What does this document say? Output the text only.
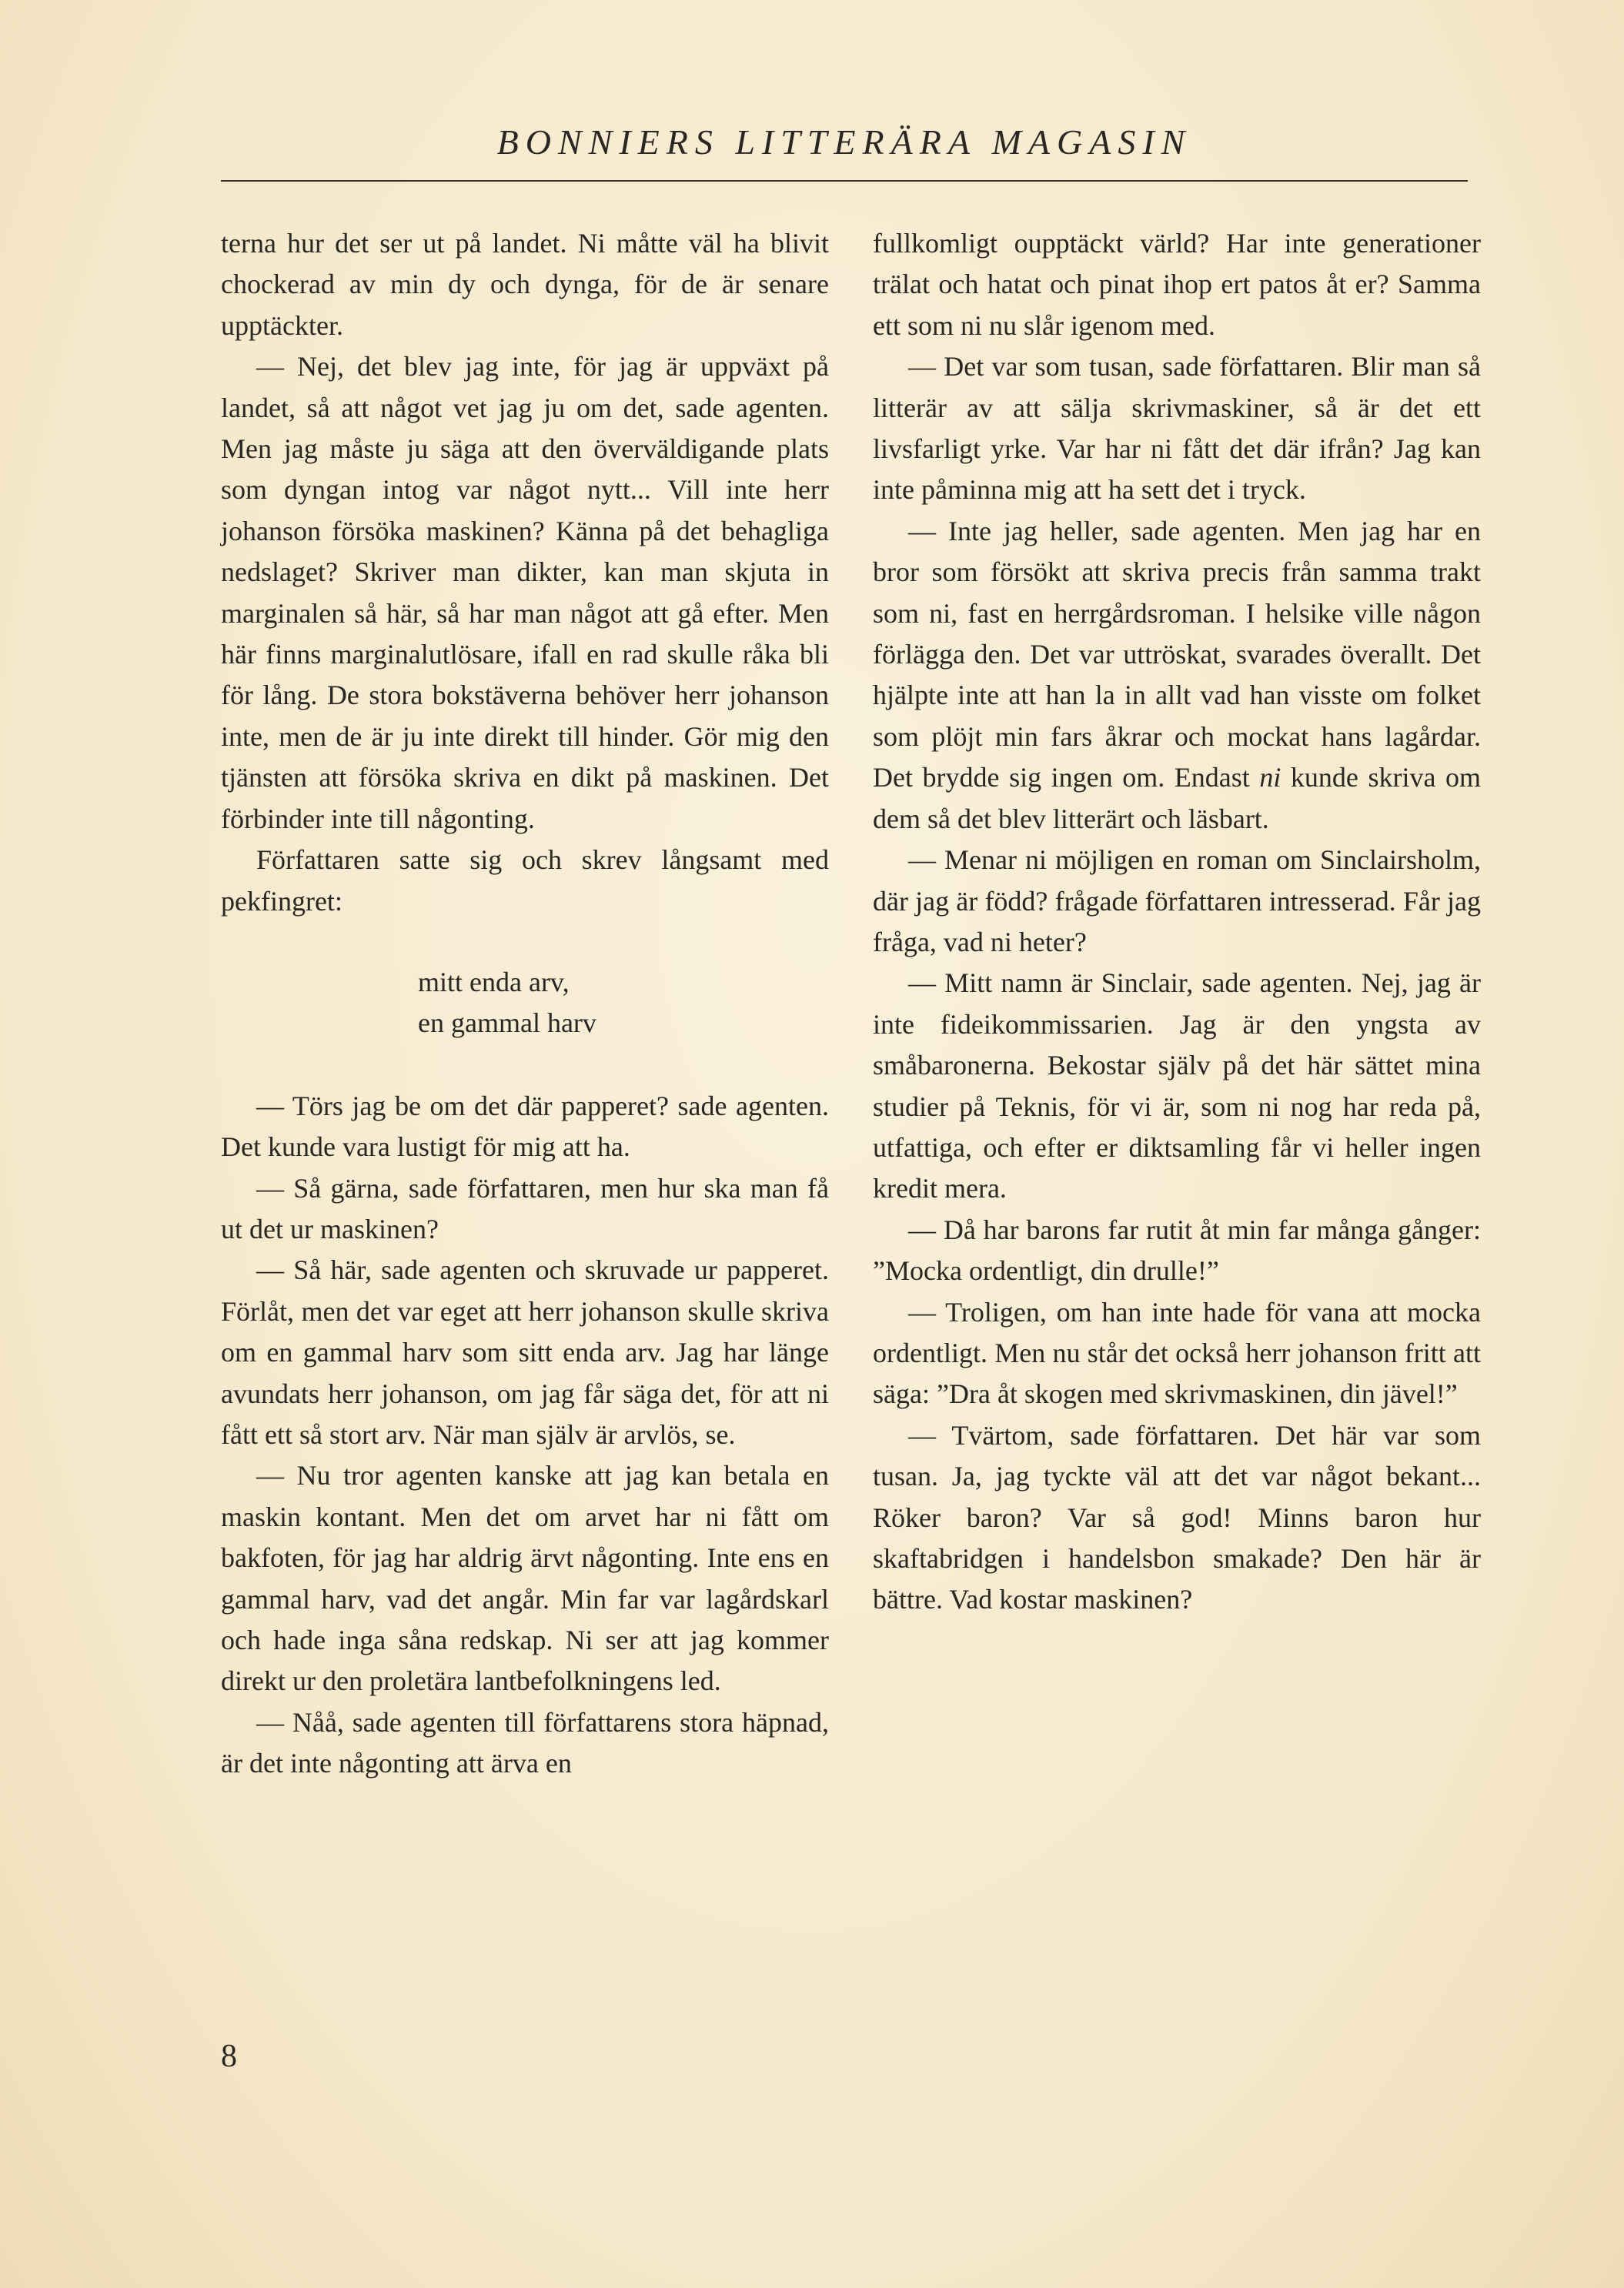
BONNIERS LITTERÄRA MAGASIN

terna hur det ser ut på landet. Ni måtte väl ha blivit chockerad av min dy och dynga, för de är senare upptäckter.

— Nej, det blev jag inte, för jag är uppväxt på landet, så att något vet jag ju om det, sade agenten. Men jag måste ju säga att den överväldigande plats som dyngan intog var något nytt... Vill inte herr johanson försöka maskinen? Känna på det behagliga nedslaget? Skriver man dikter, kan man skjuta in marginalen så här, så har man något att gå efter. Men här finns marginalutlösare, ifall en rad skulle råka bli för lång. De stora bokstäverna behöver herr johanson inte, men de är ju inte direkt till hinder. Gör mig den tjänsten att försöka skriva en dikt på maskinen. Det förbinder inte till någonting.

Författaren satte sig och skrev långsamt med pekfingret:

mitt enda arv,
en gammal harv

— Törs jag be om det där papperet? sade agenten. Det kunde vara lustigt för mig att ha.

— Så gärna, sade författaren, men hur ska man få ut det ur maskinen?

— Så här, sade agenten och skruvade ur papperet. Förlåt, men det var eget att herr johanson skulle skriva om en gammal harv som sitt enda arv. Jag har länge avundats herr johanson, om jag får säga det, för att ni fått ett så stort arv. När man själv är arvlös, se.

— Nu tror agenten kanske att jag kan betala en maskin kontant. Men det om arvet har ni fått om bakfoten, för jag har aldrig ärvt någonting. Inte ens en gammal harv, vad det angår. Min far var lagårdskarl och hade inga såna redskap. Ni ser att jag kommer direkt ur den proletära lantbefolkningens led.

— Nåå, sade agenten till författarens stora häpnad, är det inte någonting att ärva en

fullkomligt oupptäckt värld? Har inte generationer trälat och hatat och pinat ihop ert patos åt er? Samma ett som ni nu slår igenom med.

— Det var som tusan, sade författaren. Blir man så litterär av att sälja skrivmaskiner, så är det ett livsfarligt yrke. Var har ni fått det där ifrån? Jag kan inte påminna mig att ha sett det i tryck.

— Inte jag heller, sade agenten. Men jag har en bror som försökt att skriva precis från samma trakt som ni, fast en herrgårdsroman. I helsike ville någon förlägga den. Det var uttröskat, svarades överallt. Det hjälpte inte att han la in allt vad han visste om folket som plöjt min fars åkrar och mockat hans lagårdar. Det brydde sig ingen om. Endast ni kunde skriva om dem så det blev litterärt och läsbart.

— Menar ni möjligen en roman om Sinclairsholm, där jag är född? frågade författaren intresserad. Får jag fråga, vad ni heter?

— Mitt namn är Sinclair, sade agenten. Nej, jag är inte fideikommissarien. Jag är den yngsta av småbaronerna. Bekostar själv på det här sättet mina studier på Teknis, för vi är, som ni nog har reda på, utfattiga, och efter er diktsamling får vi heller ingen kredit mera.

— Då har barons far rutit åt min far många gånger: ”Mocka ordentligt, din drulle!”

— Troligen, om han inte hade för vana att mocka ordentligt. Men nu står det också herr johanson fritt att säga: ”Dra åt skogen med skrivmaskinen, din jävel!”

— Tvärtom, sade författaren. Det här var som tusan. Ja, jag tyckte väl att det var något bekant... Röker baron? Var så god! Minns baron hur skaftabridgen i handelsbon smakade? Den här är bättre. Vad kostar maskinen?

8
